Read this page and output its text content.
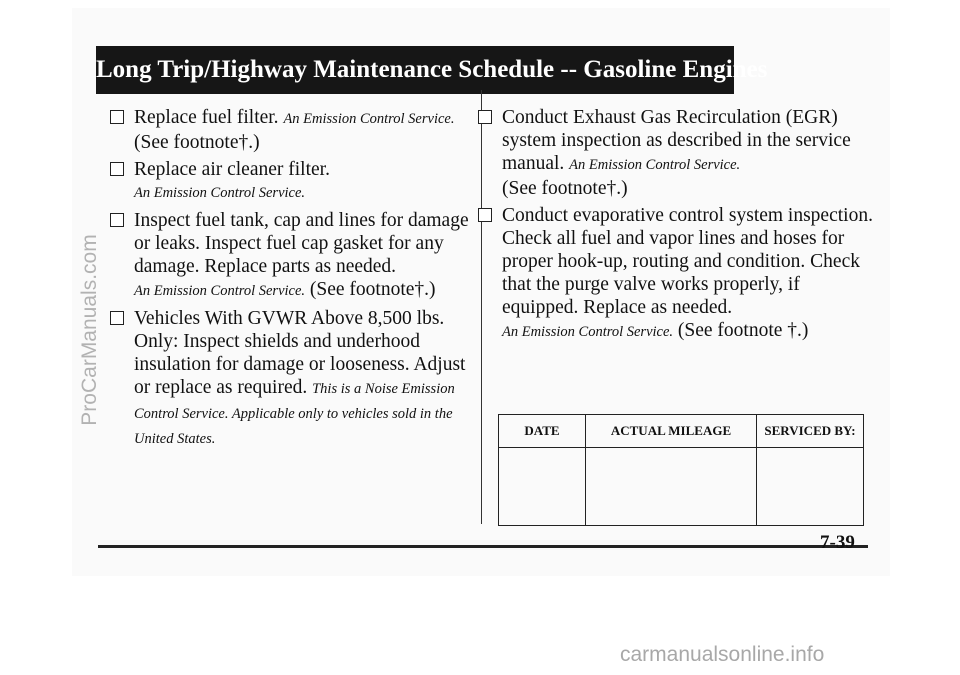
Long Trip/Highway Maintenance Schedule -- Gasoline Engines
Replace fuel filter. An Emission Control Service.
(See footnote†.)
Replace air cleaner filter.
An Emission Control Service.
Inspect fuel tank, cap and lines for damage or leaks. Inspect fuel cap gasket for any damage. Replace parts as needed.
An Emission Control Service. (See footnote†.)
Vehicles With GVWR Above 8,500 lbs. Only: Inspect shields and underhood insulation for damage or looseness. Adjust or replace as required. This is a Noise Emission Control Service. Applicable only to vehicles sold in the United States.
Conduct Exhaust Gas Recirculation (EGR) system inspection as described in the service manual. An Emission Control Service.
(See footnote†.)
Conduct evaporative control system inspection. Check all fuel and vapor lines and hoses for proper hook-up, routing and condition. Check that the purge valve works properly, if equipped. Replace as needed.
An Emission Control Service. (See footnote †.)
DATE	ACTUAL MILEAGE	SERVICED BY:

7-39
ProCarManuals.com
carmanualsonline.info
